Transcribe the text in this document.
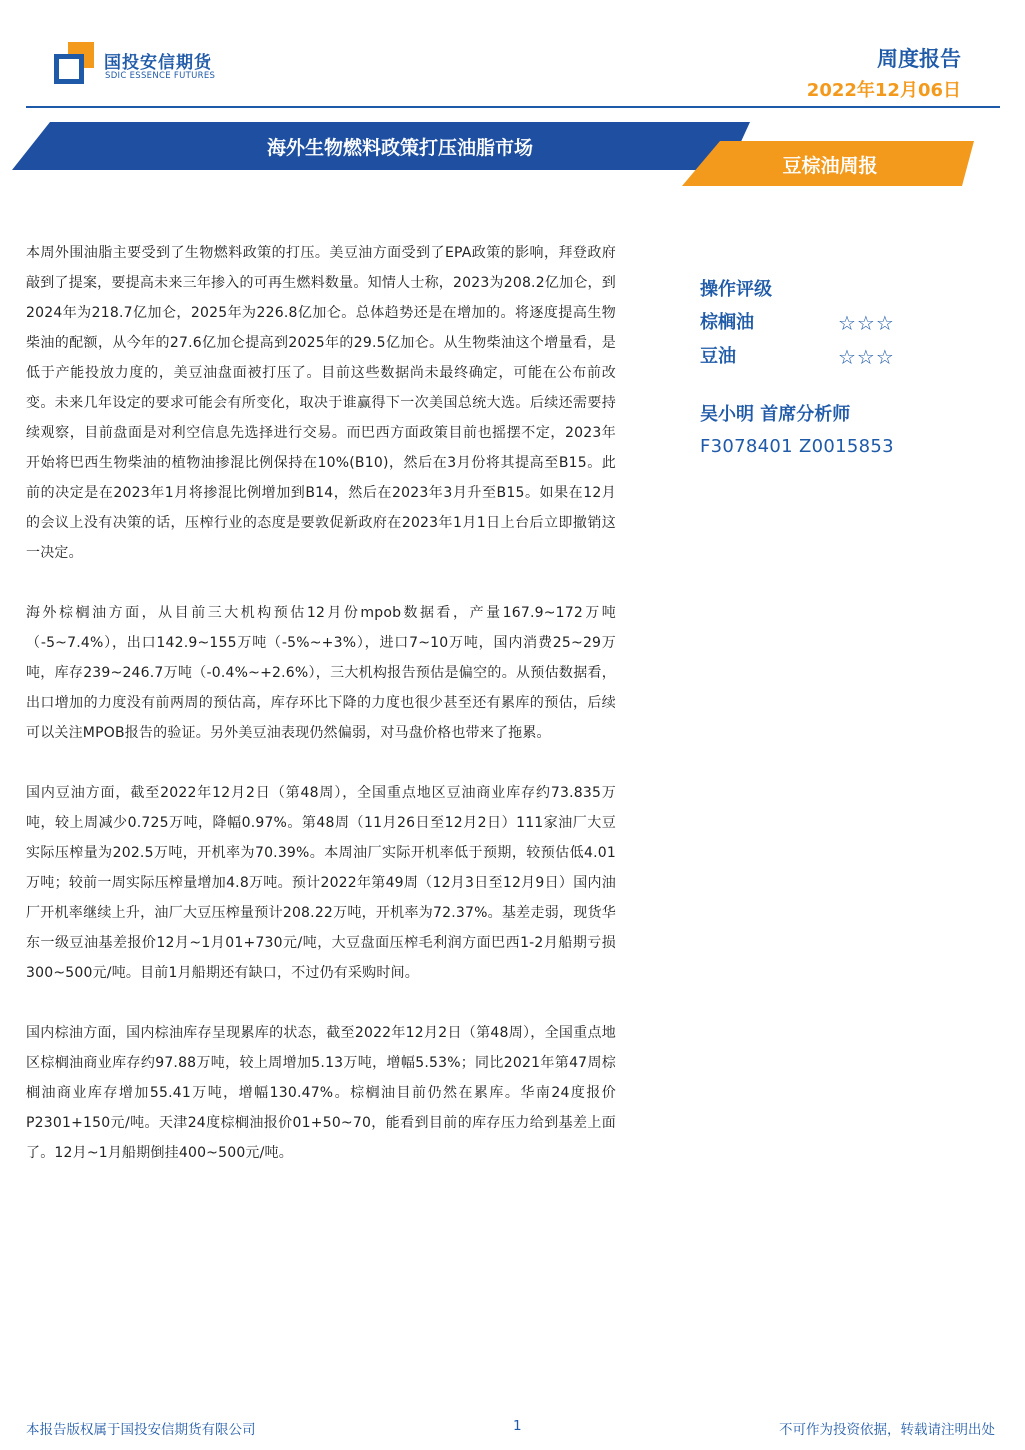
国投安信期货
SDIC ESSENCE FUTURES
周度报告
2022年12月06日
海外生物燃料政策打压油脂市场
豆棕油周报

本周外围油脂主要受到了生物燃料政策的打压。美豆油方面受到了EPA政策的影响，拜登政府敲到了提案，要提高未来三年掺入的可再生燃料数量。知情人士称，2023为208.2亿加仑，到2024年为218.7亿加仑，2025年为226.8亿加仑。总体趋势还是在增加的。将逐度提高生物柴油的配额，从今年的27.6亿加仑提高到2025年的29.5亿加仑。从生物柴油这个增量看，是低于产能投放力度的，美豆油盘面被打压了。目前这些数据尚未最终确定，可能在公布前改变。未来几年设定的要求可能会有所变化，取决于谁赢得下一次美国总统大选。后续还需要持续观察，目前盘面是对利空信息先选择进行交易。而巴西方面政策目前也摇摆不定，2023年开始将巴西生物柴油的植物油掺混比例保持在10%(B10)，然后在3月份将其提高至B15。此前的决定是在2023年1月将掺混比例增加到B14，然后在2023年3月升至B15。如果在12月的会议上没有决策的话，压榨行业的态度是要敦促新政府在2023年1月1日上台后立即撤销这一决定。

海外棕榈油方面，从目前三大机构预估12月份mpob数据看，产量167.9~172万吨（-5~7.4%），出口142.9~155万吨（-5%~+3%），进口7~10万吨，国内消费25~29万吨，库存239~246.7万吨（-0.4%~+2.6%），三大机构报告预估是偏空的。从预估数据看，出口增加的力度没有前两周的预估高，库存环比下降的力度也很少甚至还有累库的预估，后续可以关注MPOB报告的验证。另外美豆油表现仍然偏弱，对马盘价格也带来了拖累。

国内豆油方面，截至2022年12月2日（第48周），全国重点地区豆油商业库存约73.835万吨，较上周减少0.725万吨，降幅0.97%。第48周（11月26日至12月2日）111家油厂大豆实际压榨量为202.5万吨，开机率为70.39%。本周油厂实际开机率低于预期，较预估低4.01万吨；较前一周实际压榨量增加4.8万吨。预计2022年第49周（12月3日至12月9日）国内油厂开机率继续上升，油厂大豆压榨量预计208.22万吨，开机率为72.37%。基差走弱，现货华东一级豆油基差报价12月~1月01+730元/吨，大豆盘面压榨毛利润方面巴西1-2月船期亏损300~500元/吨。目前1月船期还有缺口，不过仍有采购时间。

国内棕油方面，国内棕油库存呈现累库的状态，截至2022年12月2日（第48周），全国重点地区棕榈油商业库存约97.88万吨，较上周增加5.13万吨，增幅5.53%；同比2021年第47周棕榈油商业库存增加55.41万吨，增幅130.47%。棕榈油目前仍然在累库。华南24度报价 P2301+150元/吨。天津24度棕榈油报价01+50~70，能看到目前的库存压力给到基差上面了。12月~1月船期倒挂400~500元/吨。

操作评级
棕榈油	☆☆☆
豆油	☆☆☆
吴小明 首席分析师
F3078401 Z0015853
本报告版权属于国投安信期货有限公司	1	不可作为投资依据，转载请注明出处
